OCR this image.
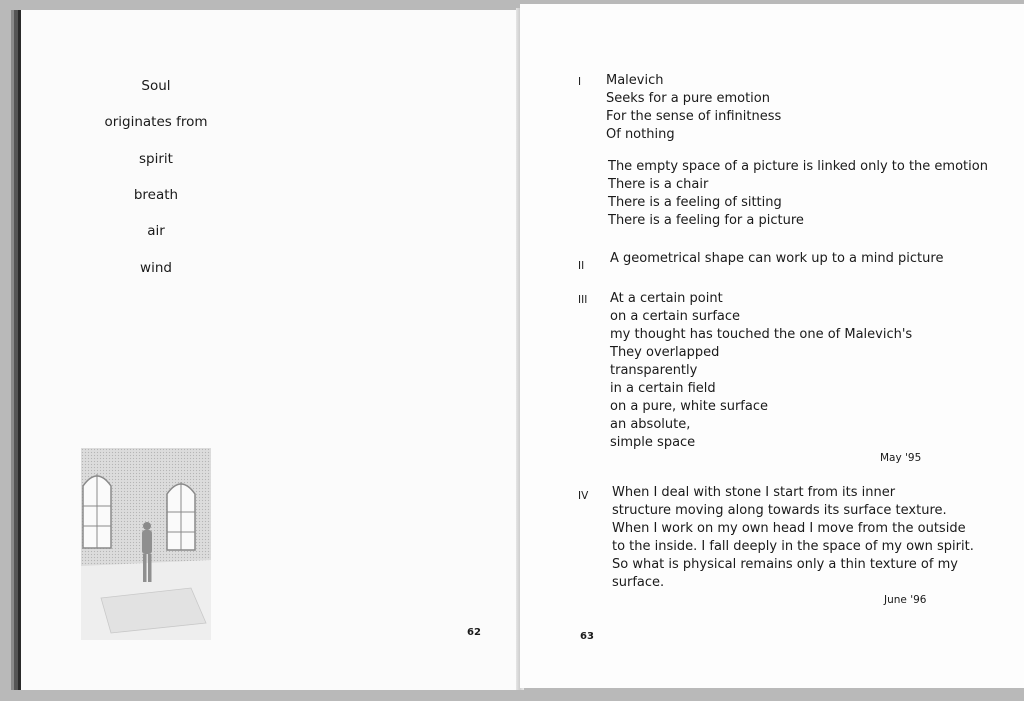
Soul
originates from
spirit
breath
air
wind
62
I Malevich
Seeks for a pure emotion
For the sense of infinitness
Of nothing
The empty space of a picture is linked only to the emotion
There is a chair
There is a feeling of sitting
There is a feeling for a picture
II A geometrical shape can work up to a mind picture
III At a certain point
on a certain surface
my thought has touched the one of Malevich's
They overlapped
transparently
in a certain field
on a pure, white surface
an absolute,
simple space
May '95
IV When I deal with stone I start from its inner
structure moving along towards its surface texture.
When I work on my own head I move from the outside
to the inside. I fall deeply in the space of my own spirit.
So what is physical remains only a thin texture of my
surface.
June '96
63
